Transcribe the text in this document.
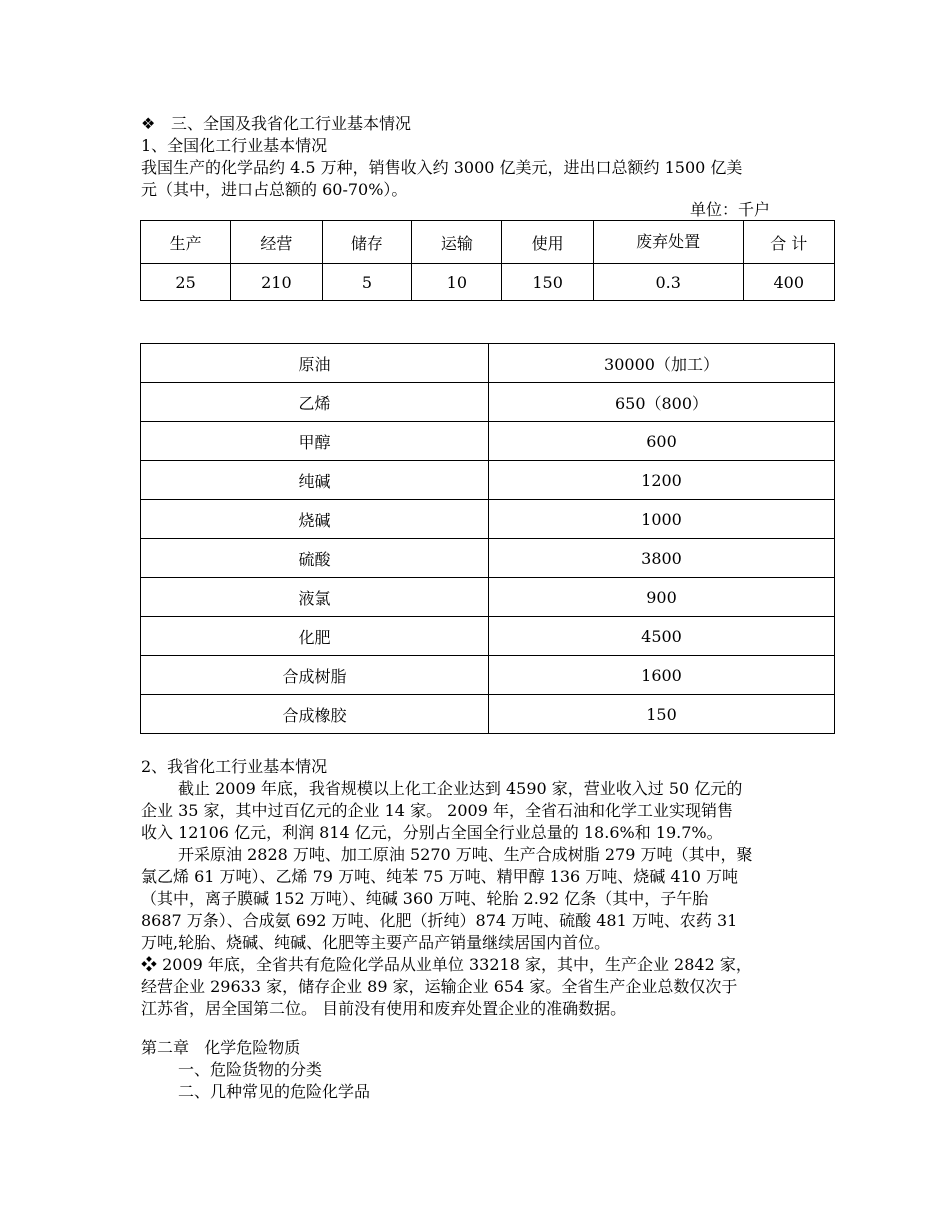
❖ 三、全国及我省化工行业基本情况
1、全国化工行业基本情况
我国生产的化学品约 4.5 万种，销售收入约 3000 亿美元，进出口总额约 1500 亿美
元（其中，进口占总额的 60-70%）。
单位：千户
生产	经营	储存	运输	使用	废弃处置	合 计
25	210	5	10	150	0.3	400
原油	30000（加工）
乙烯	650（800）
甲醇	600
纯碱	1200
烧碱	1000
硫酸	3800
液氯	900
化肥	4500
合成树脂	1600
合成橡胶	150
2、我省化工行业基本情况
截止 2009 年底，我省规模以上化工企业达到 4590 家，营业收入过 50 亿元的
企业 35 家，其中过百亿元的企业 14 家。 2009 年，全省石油和化学工业实现销售
收入 12106 亿元，利润 814 亿元，分别占全国全行业总量的 18.6%和 19.7%。
开采原油 2828 万吨、加工原油 5270 万吨、生产合成树脂 279 万吨（其中，聚
氯乙烯 61 万吨）、乙烯 79 万吨、纯苯 75 万吨、精甲醇 136 万吨、烧碱 410 万吨
（其中，离子膜碱 152 万吨）、纯碱 360 万吨、轮胎 2.92 亿条（其中，子午胎
8687 万条）、合成氨 692 万吨、化肥（折纯）874 万吨、硫酸 481 万吨、农药 31
万吨,轮胎、烧碱、纯碱、化肥等主要产品产销量继续居国内首位。
❖ 2009 年底，全省共有危险化学品从业单位 33218 家，其中，生产企业 2842 家，
经营企业 29633 家，储存企业 89 家，运输企业 654 家。全省生产企业总数仅次于
江苏省，居全国第二位。 目前没有使用和废弃处置企业的准确数据。
第二章   化学危险物质
一、危险货物的分类
二、几种常见的危险化学品
